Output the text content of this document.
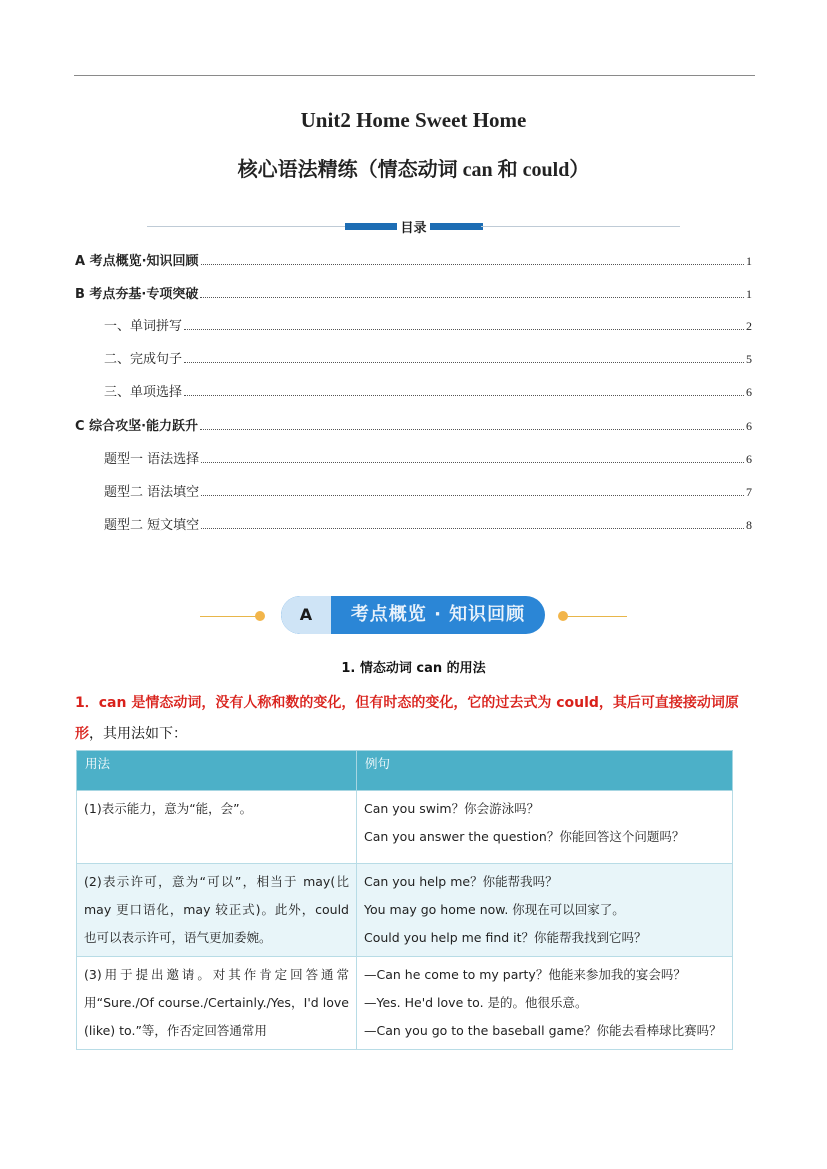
Unit2 Home Sweet Home
核心语法精练（情态动词 can 和 could）
目录
A 考点概览·知识回顾	1
B 考点夯基·专项突破	1
一、单词拼写	2
二、完成句子	5
三、单项选择	6
C 综合攻坚·能力跃升	6
题型一 语法选择	6
题型二 语法填空	7
题型二 短文填空	8
A	考点概览 · 知识回顾
1. 情态动词 can 的用法
1．can 是情态动词，没有人称和数的变化，但有时态的变化，它的过去式为 could，其后可直接接动词原形，其用法如下：
用法	例句
(1)表示能力，意为“能，会”。	Can you swim？你会游泳吗？
Can you answer the question？你能回答这个问题吗？

(2)表示许可，意为“可以”，相当于 may(比 may 更口语化，may 较正式)。此外，could 也可以表示许可，语气更加委婉。	Can you help me？你能帮我吗？
You may go home now. 你现在可以回家了。
Could you help me find it？你能帮我找到它吗？

(3)用于提出邀请。对其作肯定回答通常用“Sure./Of course./Certainly./Yes，I'd love (like) to.”等，作否定回答通常用	—Can he come to my party？他能来参加我的宴会吗？
—Yes. He'd love to. 是的。他很乐意。
—Can you go to the baseball game？你能去看棒球比赛吗？
